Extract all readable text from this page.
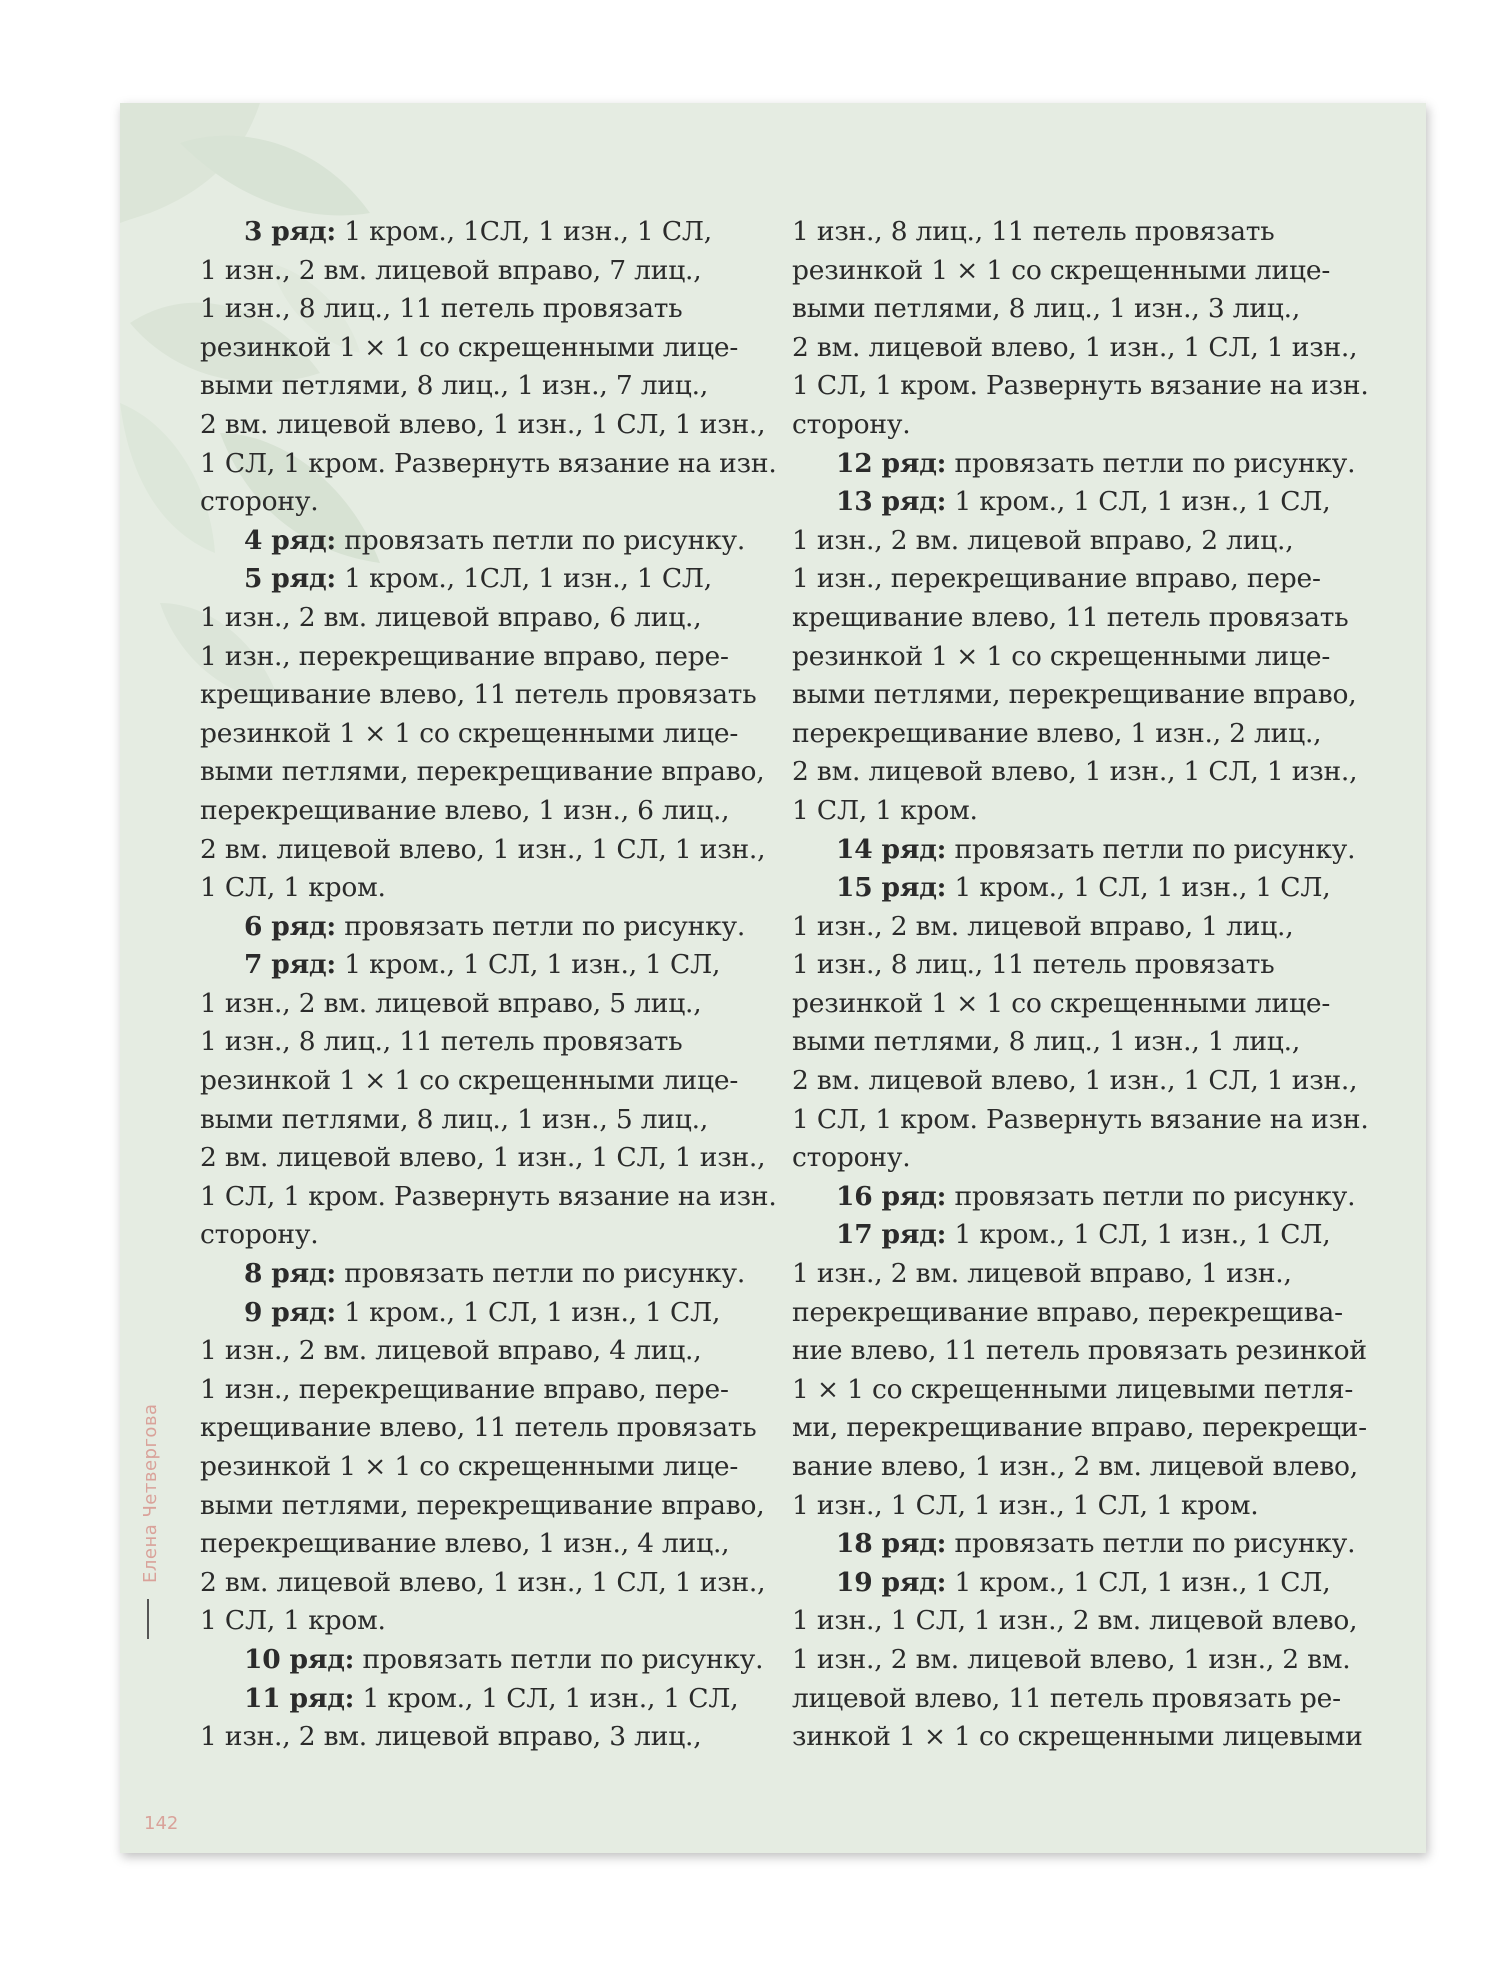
3 ряд: 1 кром., 1СЛ, 1 изн., 1 СЛ,
1 изн., 2 вм. лицевой вправо, 7 лиц.,
1 изн., 8 лиц., 11 петель провязать
резинкой 1 × 1 со скрещенными лице-
выми петлями, 8 лиц., 1 изн., 7 лиц.,
2 вм. лицевой влево, 1 изн., 1 СЛ, 1 изн.,
1 СЛ, 1 кром. Развернуть вязание на изн.
сторону.
4 ряд: провязать петли по рисунку.
5 ряд: 1 кром., 1СЛ, 1 изн., 1 СЛ,
1 изн., 2 вм. лицевой вправо, 6 лиц.,
1 изн., перекрещивание вправо, пере-
крещивание влево, 11 петель провязать
резинкой 1 × 1 со скрещенными лице-
выми петлями, перекрещивание вправо,
перекрещивание влево, 1 изн., 6 лиц.,
2 вм. лицевой влево, 1 изн., 1 СЛ, 1 изн.,
1 СЛ, 1 кром.
6 ряд: провязать петли по рисунку.
7 ряд: 1 кром., 1 СЛ, 1 изн., 1 СЛ,
1 изн., 2 вм. лицевой вправо, 5 лиц.,
1 изн., 8 лиц., 11 петель провязать
резинкой 1 × 1 со скрещенными лице-
выми петлями, 8 лиц., 1 изн., 5 лиц.,
2 вм. лицевой влево, 1 изн., 1 СЛ, 1 изн.,
1 СЛ, 1 кром. Развернуть вязание на изн.
сторону.
8 ряд: провязать петли по рисунку.
9 ряд: 1 кром., 1 СЛ, 1 изн., 1 СЛ,
1 изн., 2 вм. лицевой вправо, 4 лиц.,
1 изн., перекрещивание вправо, пере-
крещивание влево, 11 петель провязать
резинкой 1 × 1 со скрещенными лице-
выми петлями, перекрещивание вправо,
перекрещивание влево, 1 изн., 4 лиц.,
2 вм. лицевой влево, 1 изн., 1 СЛ, 1 изн.,
1 СЛ, 1 кром.
10 ряд: провязать петли по рисунку.
11 ряд: 1 кром., 1 СЛ, 1 изн., 1 СЛ,
1 изн., 2 вм. лицевой вправо, 3 лиц.,
1 изн., 8 лиц., 11 петель провязать
резинкой 1 × 1 со скрещенными лице-
выми петлями, 8 лиц., 1 изн., 3 лиц.,
2 вм. лицевой влево, 1 изн., 1 СЛ, 1 изн.,
1 СЛ, 1 кром. Развернуть вязание на изн.
сторону.
12 ряд: провязать петли по рисунку.
13 ряд: 1 кром., 1 СЛ, 1 изн., 1 СЛ,
1 изн., 2 вм. лицевой вправо, 2 лиц.,
1 изн., перекрещивание вправо, пере-
крещивание влево, 11 петель провязать
резинкой 1 × 1 со скрещенными лице-
выми петлями, перекрещивание вправо,
перекрещивание влево, 1 изн., 2 лиц.,
2 вм. лицевой влево, 1 изн., 1 СЛ, 1 изн.,
1 СЛ, 1 кром.
14 ряд: провязать петли по рисунку.
15 ряд: 1 кром., 1 СЛ, 1 изн., 1 СЛ,
1 изн., 2 вм. лицевой вправо, 1 лиц.,
1 изн., 8 лиц., 11 петель провязать
резинкой 1 × 1 со скрещенными лице-
выми петлями, 8 лиц., 1 изн., 1 лиц.,
2 вм. лицевой влево, 1 изн., 1 СЛ, 1 изн.,
1 СЛ, 1 кром. Развернуть вязание на изн.
сторону.
16 ряд: провязать петли по рисунку.
17 ряд: 1 кром., 1 СЛ, 1 изн., 1 СЛ,
1 изн., 2 вм. лицевой вправо, 1 изн.,
перекрещивание вправо, перекрещива-
ние влево, 11 петель провязать резинкой
1 × 1 со скрещенными лицевыми петля-
ми, перекрещивание вправо, перекрещи-
вание влево, 1 изн., 2 вм. лицевой влево,
1 изн., 1 СЛ, 1 изн., 1 СЛ, 1 кром.
18 ряд: провязать петли по рисунку.
19 ряд: 1 кром., 1 СЛ, 1 изн., 1 СЛ,
1 изн., 1 СЛ, 1 изн., 2 вм. лицевой влево,
1 изн., 2 вм. лицевой влево, 1 изн., 2 вм.
лицевой влево, 11 петель провязать ре-
зинкой 1 × 1 со скрещенными лицевыми
Елена Четвергова
142
